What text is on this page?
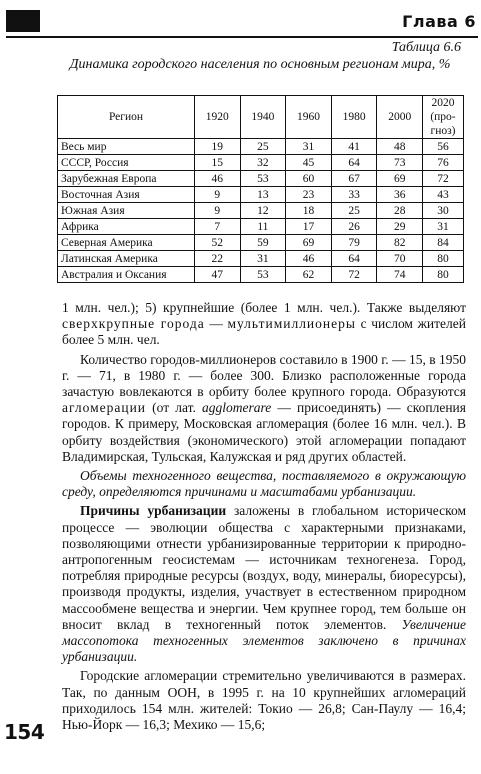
Глава 6
Таблица 6.6
Динамика городского населения по основным регионам мира, %
Регион	1920	1940	1960	1980	2000	2020 (про-гноз)
Весь мир	19	25	31	41	48	56
СССР, Россия	15	32	45	64	73	76
Зарубежная Европа	46	53	60	67	69	72
Восточная Азия	9	13	23	33	36	43
Южная Азия	9	12	18	25	28	30
Африка	7	11	17	26	29	31
Северная Америка	52	59	69	79	82	84
Латинская Америка	22	31	46	64	70	80
Австралия и Оксания	47	53	62	72	74	80

1 млн. чел.); 5) крупнейшие (более 1 млн. чел.). Также выделяют сверхкрупные города — мультимиллионеры с числом жителей более 5 млн. чел.

Количество городов-миллионеров составило в 1900 г. — 15, в 1950 г. — 71, в 1980 г. — более 300. Близко расположенные города зачастую вовлекаются в орбиту более крупного города. Образуются агломерации (от лат. agglomerare — присоединять) — скопления городов. К примеру, Московская агломерация (более 16 млн. чел.). В орбиту воздействия (экономического) этой агломерации попадают Владимирская, Тульская, Калужская и ряд других областей.

Объемы техногенного вещества, поставляемого в окружающую среду, определяются причинами и масштабами урбанизации.

Причины урбанизации заложены в глобальном историческом процессе — эволюции общества с характерными признаками, позволяющими отнести урбанизированные территории к природно-антропогенным геосистемам — источникам техногенеза. Город, потребляя природные ресурсы (воздух, воду, минералы, биоресурсы), производя продукты, изделия, участвует в естественном природном массообмене вещества и энергии. Чем крупнее город, тем больше он вносит вклад в техногенный поток элементов. Увеличение массопотока техногенных элементов заключено в причинах урбанизации.

Городские агломерации стремительно увеличиваются в размерах. Так, по данным ООН, в 1995 г. на 10 крупнейших агломераций приходилось 154 млн. жителей: Токио — 26,8; Сан-Паулу — 16,4; Нью-Йорк — 16,3; Мехико — 15,6;

154
